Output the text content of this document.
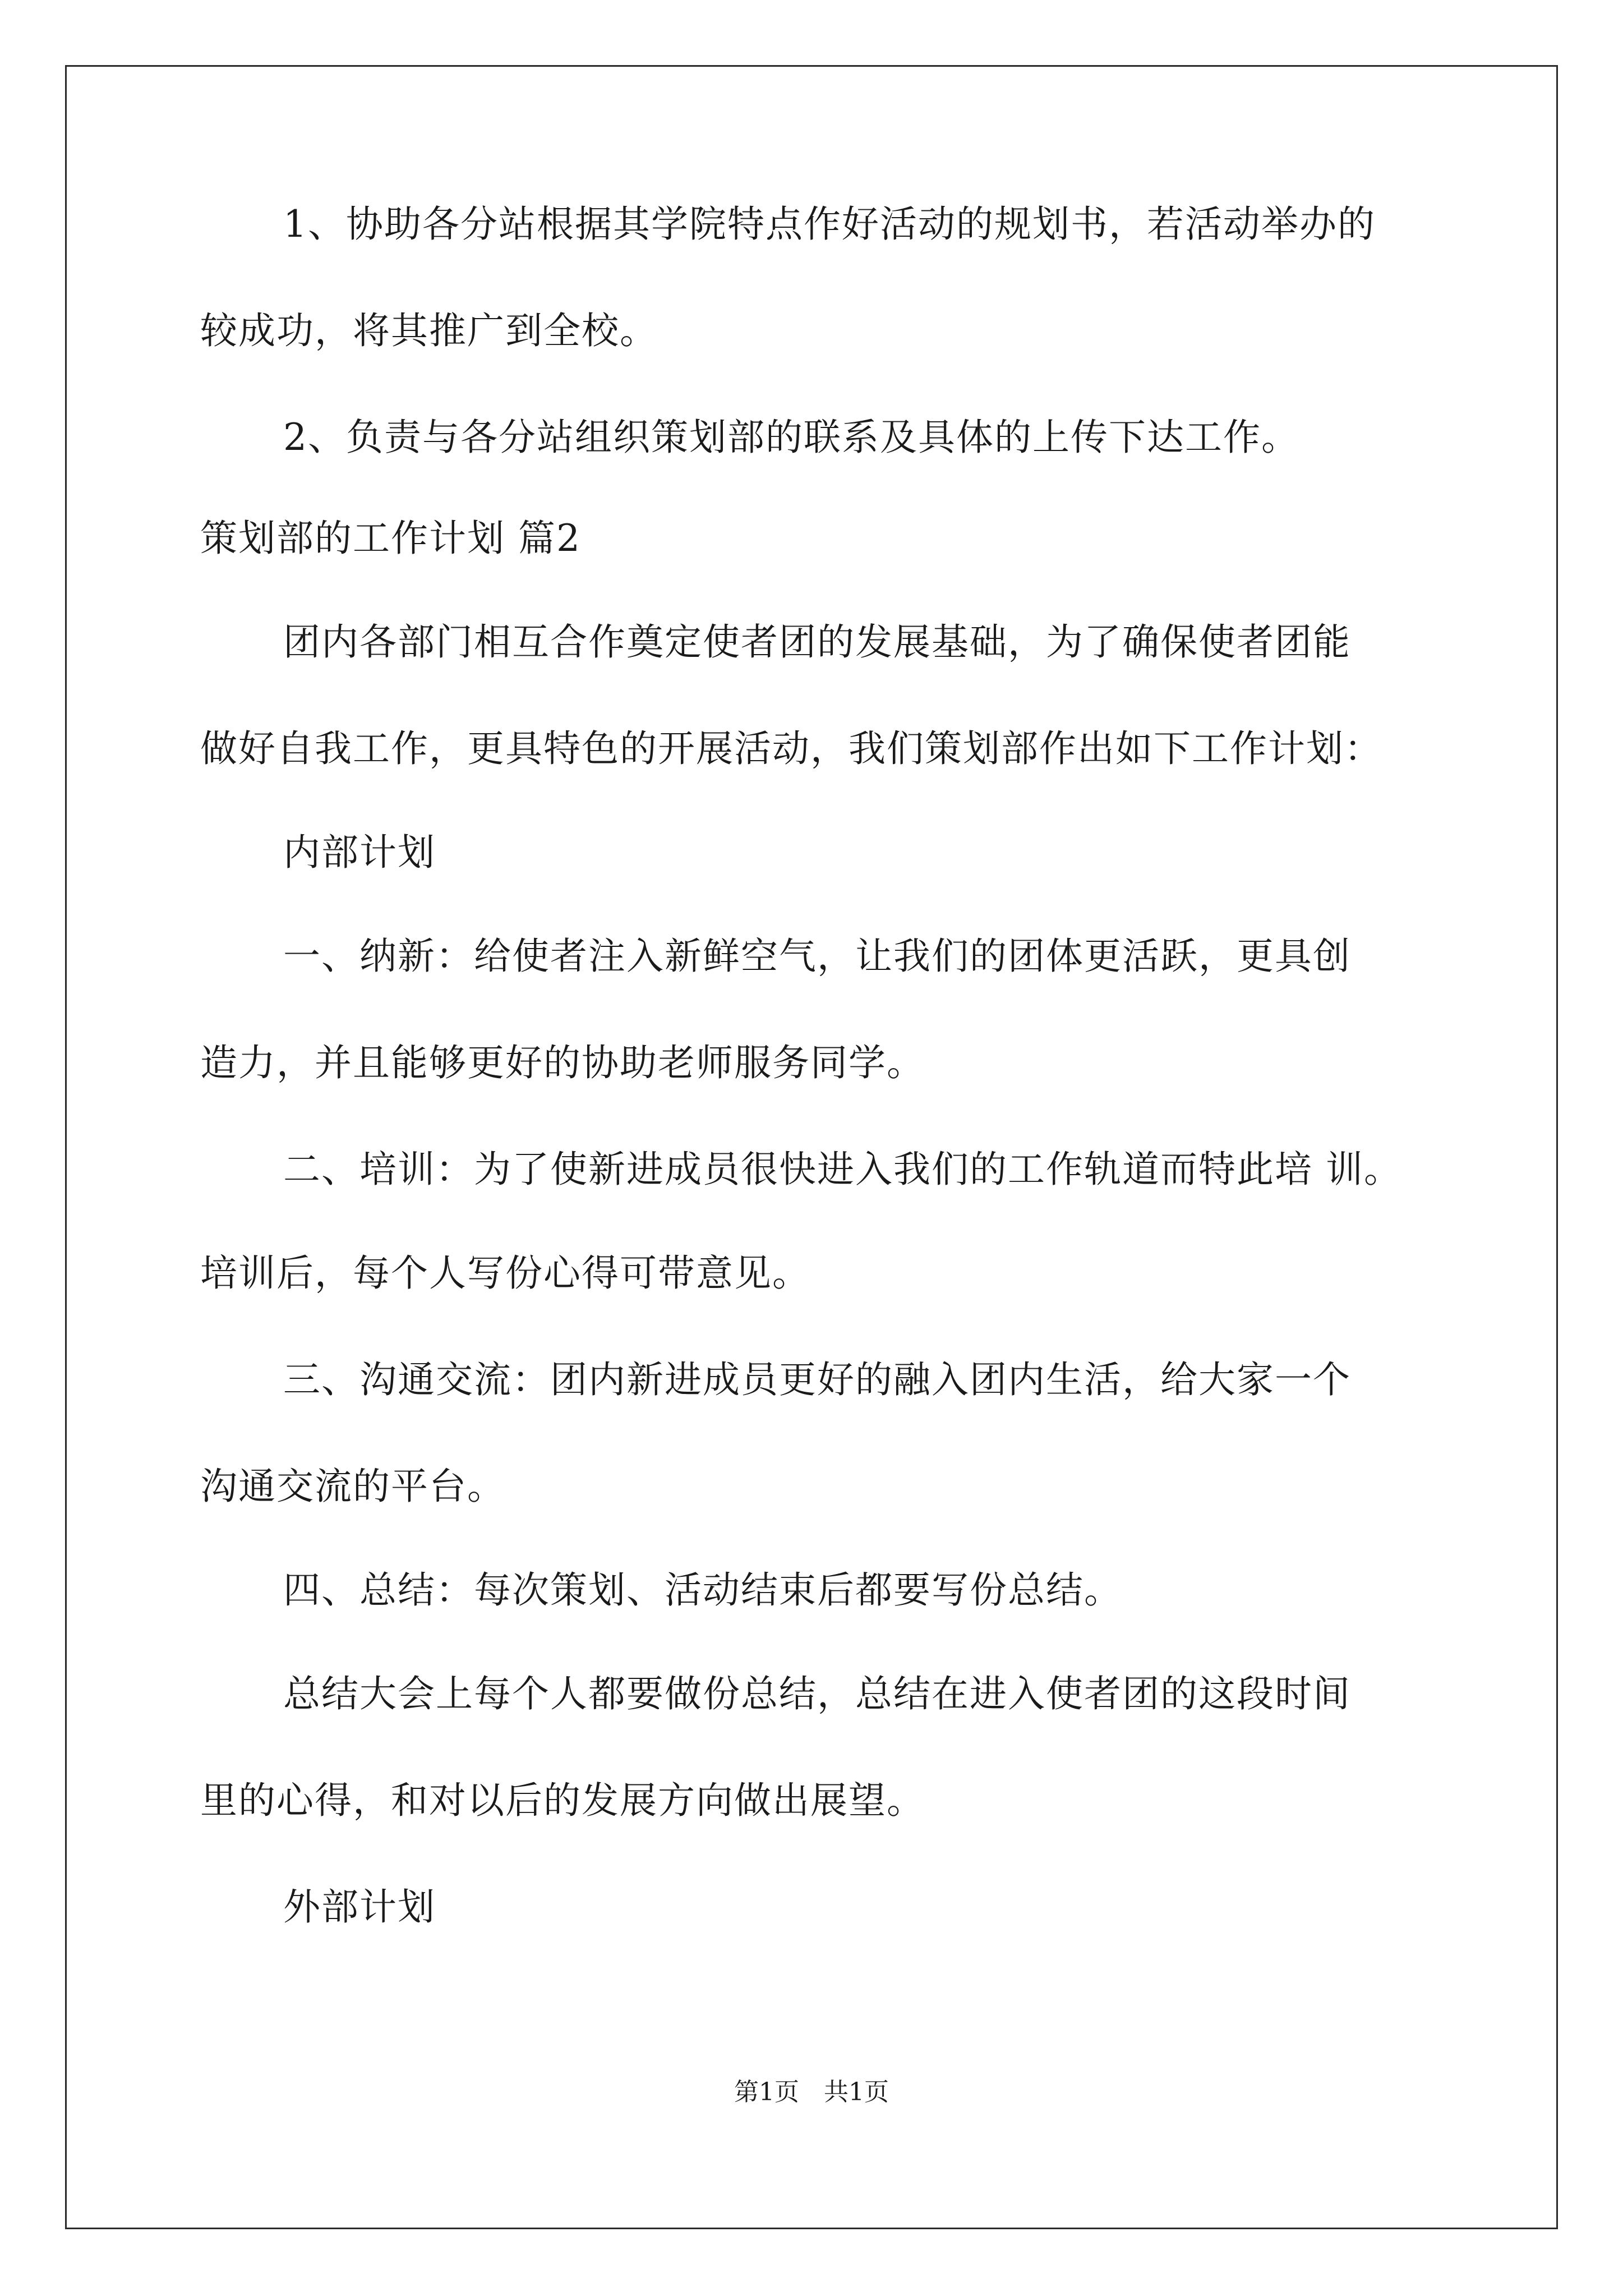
1、协助各分站根据其学院特点作好活动的规划书，若活动举办的
较成功，将其推广到全校。
2、负责与各分站组织策划部的联系及具体的上传下达工作。
策划部的工作计划 篇2
团内各部门相互合作奠定使者团的发展基础，为了确保使者团能
做好自我工作，更具特色的开展活动，我们策划部作出如下工作计划：
内部计划
一、纳新：给使者注入新鲜空气，让我们的团体更活跃，更具创
造力，并且能够更好的协助老师服务同学。
二、培训：为了使新进成员很快进入我们的工作轨道而特此培 训。
培训后，每个人写份心得可带意见。
三、沟通交流：团内新进成员更好的融入团内生活，给大家一个
沟通交流的平台。
四、总结：每次策划、活动结束后都要写份总结。
总结大会上每个人都要做份总结，总结在进入使者团的这段时间
里的心得，和对以后的发展方向做出展望。
外部计划
第1页　共1页
